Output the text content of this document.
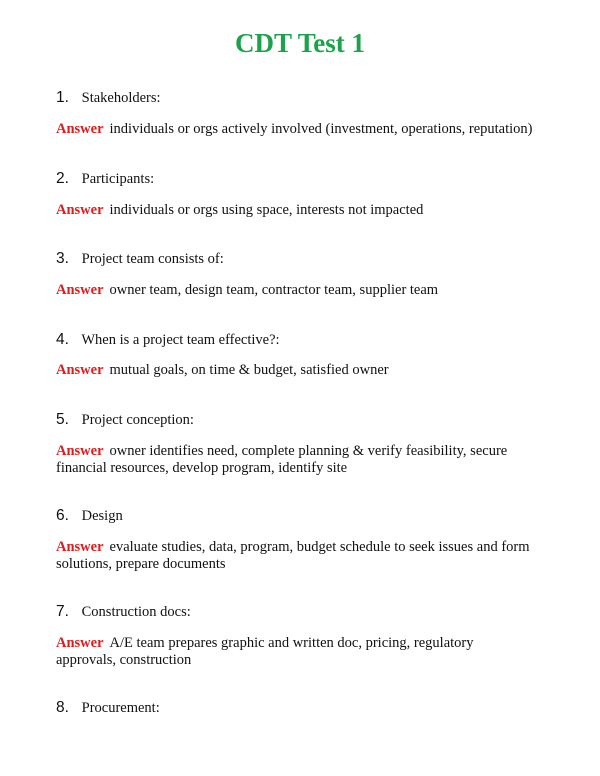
CDT Test 1
1. Stakeholders:
Answer individuals or orgs actively involved (investment, operations, reputation)
2. Participants:
Answer individuals or orgs using space, interests not impacted
3. Project team consists of:
Answer owner team, design team, contractor team, supplier team
4. When is a project team effective?:
Answer mutual goals, on time & budget, satisfied owner
5. Project conception:
Answer owner identifies need, complete planning & verify feasibility, secure financial resources, develop program, identify site
6. Design
Answer evaluate studies, data, program, budget schedule to seek issues and form solutions, prepare documents
7. Construction docs:
Answer A/E team prepares graphic and written doc, pricing, regulatory approvals, construction
8. Procurement:
